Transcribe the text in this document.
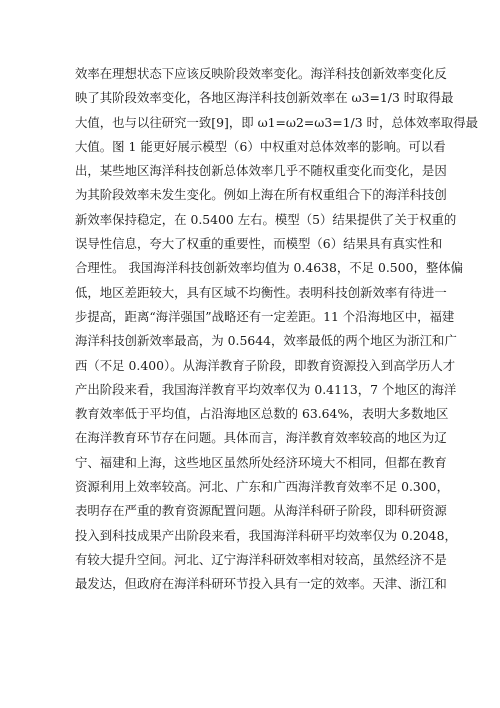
效率在理想状态下应该反映阶段效率变化。海洋科技创新效率变化反
映了其阶段效率变化，各地区海洋科技创新效率在 ω3=1/3 时取得最
大值，也与以往研究一致[9]，即 ω1=ω2=ω3=1/3 时，总体效率取得最
大值。图 1 能更好展示模型（6）中权重对总体效率的影响。可以看
出，某些地区海洋科技创新总体效率几乎不随权重变化而变化，是因
为其阶段效率未发生变化。例如上海在所有权重组合下的海洋科技创
新效率保持稳定，在 0.5400 左右。模型（5）结果提供了关于权重的
误导性信息，夸大了权重的重要性，而模型（6）结果具有真实性和
合理性。 我国海洋科技创新效率均值为 0.4638，不足 0.500，整体偏
低，地区差距较大，具有区域不均衡性。表明科技创新效率有待进一
步提高，距离“海洋强国”战略还有一定差距。11 个沿海地区中，福建
海洋科技创新效率最高，为 0.5644，效率最低的两个地区为浙江和广
西（不足 0.400）。从海洋教育子阶段，即教育资源投入到高学历人才
产出阶段来看，我国海洋教育平均效率仅为 0.4113，7 个地区的海洋
教育效率低于平均值，占沿海地区总数的 63.64%，表明大多数地区
在海洋教育环节存在问题。具体而言，海洋教育效率较高的地区为辽
宁、福建和上海，这些地区虽然所处经济环境大不相同，但都在教育
资源利用上效率较高。河北、广东和广西海洋教育效率不足 0.300，
表明存在严重的教育资源配置问题。从海洋科研子阶段，即科研资源
投入到科技成果产出阶段来看，我国海洋科研平均效率仅为 0.2048，
有较大提升空间。河北、辽宁海洋科研效率相对较高，虽然经济不是
最发达，但政府在海洋科研环节投入具有一定的效率。天津、浙江和
